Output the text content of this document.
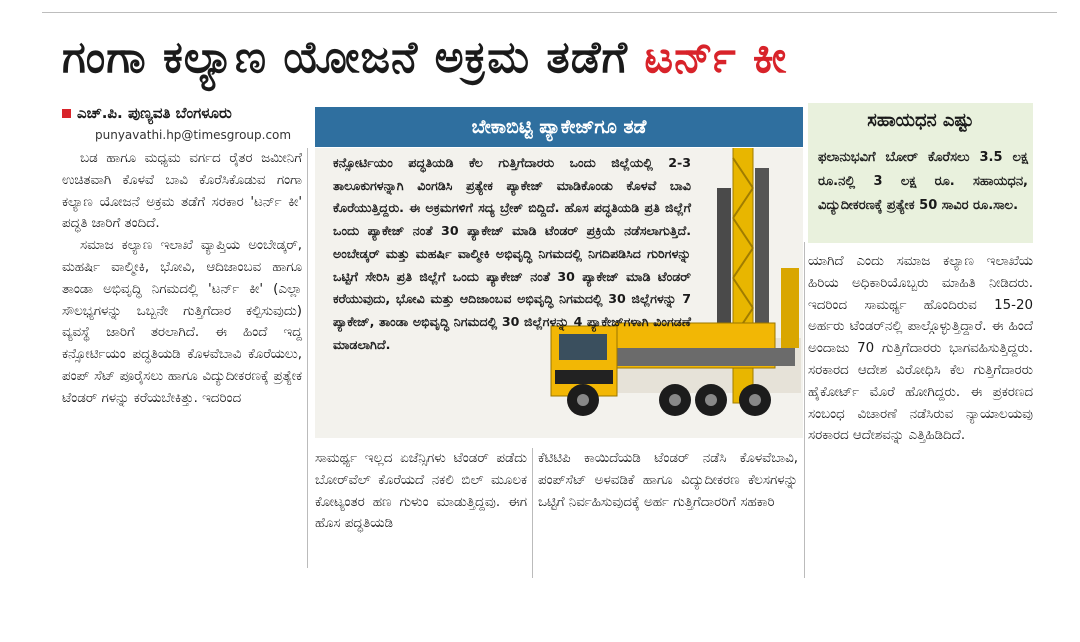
ಗಂಗಾ ಕಲ್ಯಾಣ ಯೋಜನೆ ಅಕ್ರಮ ತಡೆಗೆ ಟರ್ನ್ ಕೀ
ಎಚ್.ಪಿ. ಪುಣ್ಯವತಿ ಬೆಂಗಳೂರು
punyavathi.hp@timesgroup.com

ಬಡ ಹಾಗೂ ಮಧ್ಯಮ ವರ್ಗದ ರೈತರ ಜಮೀನಿಗೆ ಉಚಿತವಾಗಿ ಕೊಳವೆ ಬಾವಿ ಕೊರೆಸಿಕೊಡುವ ಗಂಗಾ ಕಲ್ಯಾಣ ಯೋಜನೆ ಅಕ್ರಮ ತಡೆಗೆ ಸರಕಾರ 'ಟರ್ನ್ ಕೀ' ಪದ್ಧತಿ ಜಾರಿಗೆ ತಂದಿದೆ.

ಸಮಾಜ ಕಲ್ಯಾಣ ಇಲಾಖೆ ವ್ಯಾಪ್ತಿಯ ಅಂಬೇಡ್ಕರ್, ಮಹರ್ಷಿ ವಾಲ್ಮೀಕಿ, ಭೋವಿ, ಆದಿಜಾಂಬವ ಹಾಗೂ ತಾಂಡಾ ಅಭಿವೃದ್ಧಿ ನಿಗಮದಲ್ಲಿ 'ಟರ್ನ್ ಕೀ' (ಎಲ್ಲಾ ಸೌಲಭ್ಯಗಳನ್ನು ಒಬ್ಬನೇ ಗುತ್ತಿಗೆದಾರ ಕಲ್ಪಿಸುವುದು) ವ್ಯವಸ್ಥೆ ಜಾರಿಗೆ ತರಲಾಗಿದೆ. ಈ ಹಿಂದೆ ಇದ್ದ ಕನ್ಸೋರ್ಟಿಯಂ ಪದ್ಧತಿಯಡಿ ಕೊಳವೆಬಾವಿ ಕೊರೆಯಲು, ಪಂಪ್ ಸೆಟ್ ಪೂರೈಸಲು ಹಾಗೂ ವಿದ್ಯುದೀಕರಣಕ್ಕೆ ಪ್ರತ್ಯೇಕ ಟೆಂಡರ್ ಗಳನ್ನು ಕರೆಯಬೇಕಿತ್ತು. ಇದರಿಂದ

ಬೇಕಾಬಿಟ್ಟಿ ಪ್ಯಾಕೇಜ್‌ಗೂ ತಡೆ
ಕನ್ಸೋರ್ಟಿಯಂ ಪದ್ಧತಿಯಡಿ ಕೆಲ ಗುತ್ತಿಗೆದಾರರು ಒಂದು ಜಿಲ್ಲೆಯಲ್ಲಿ 2-3 ತಾಲೂಕುಗಳನ್ನಾಗಿ ವಿಂಗಡಿಸಿ ಪ್ರತ್ಯೇಕ ಪ್ಯಾಕೇಜ್ ಮಾಡಿಕೊಂಡು ಕೊಳವೆ ಬಾವಿ ಕೊರೆಯುತ್ತಿದ್ದರು. ಈ ಅಕ್ರಮಗಳಿಗೆ ಸದ್ಯ ಬ್ರೇಕ್ ಬಿದ್ದಿದೆ. ಹೊಸ ಪದ್ಧತಿಯಡಿ ಪ್ರತಿ ಜಿಲ್ಲೆಗೆ ಒಂದು ಪ್ಯಾಕೇಜ್ ನಂತೆ 30 ಪ್ಯಾಕೇಜ್ ಮಾಡಿ ಟೆಂಡರ್ ಪ್ರಕ್ರಿಯೆ ನಡೆಸಲಾಗುತ್ತಿದೆ. ಅಂಬೇಡ್ಕರ್ ಮತ್ತು ಮಹರ್ಷಿ ವಾಲ್ಮೀಕಿ ಅಭಿವೃದ್ಧಿ ನಿಗಮದಲ್ಲಿ ನಿಗದಿಪಡಿಸಿದ ಗುರಿಗಳನ್ನು ಒಟ್ಟಿಗೆ ಸೇರಿಸಿ ಪ್ರತಿ ಜಿಲ್ಲೆಗೆ ಒಂದು ಪ್ಯಾಕೇಜ್ ನಂತೆ 30 ಪ್ಯಾಕೇಜ್ ಮಾಡಿ ಟೆಂಡರ್ ಕರೆಯುವುದು, ಭೋವಿ ಮತ್ತು ಆದಿಜಾಂಬವ ಅಭಿವೃದ್ಧಿ ನಿಗಮದಲ್ಲಿ 30 ಜಿಲ್ಲೆಗಳನ್ನು 7 ಪ್ಯಾಕೇಜ್, ತಾಂಡಾ ಅಭಿವೃದ್ಧಿ ನಿಗಮದಲ್ಲಿ 30 ಜಿಲ್ಲೆಗಳನ್ನು 4 ಪ್ಯಾಕೇಜ್‌ಗಳಾಗಿ ವಿಂಗಡಣೆ ಮಾಡಲಾಗಿದೆ.

ಸಾಮರ್ಥ್ಯ ಇಲ್ಲದ ಏಜೆನ್ಸಿಗಳು ಟೆಂಡರ್ ಪಡೆದು ಬೋರ್‌ವೆಲ್ ಕೊರೆಯದೆ ನಕಲಿ ಬಿಲ್ ಮೂಲಕ ಕೋಟ್ಯಂತರ ಹಣ ಗುಳುಂ ಮಾಡುತ್ತಿದ್ದವು. ಈಗ ಹೊಸ ಪದ್ಧತಿಯಡಿ

ಕೆಟಿಟಿಪಿ ಕಾಯಿದೆಯಡಿ ಟೆಂಡರ್ ನಡೆಸಿ ಕೊಳವೆಬಾವಿ, ಪಂಪ್‌ಸೆಟ್ ಅಳವಡಿಕೆ ಹಾಗೂ ವಿದ್ಯುದೀಕರಣ ಕೆಲಸಗಳನ್ನು ಒಟ್ಟಿಗೆ ನಿರ್ವಹಿಸುವುದಕ್ಕೆ ಅರ್ಹ ಗುತ್ತಿಗೆದಾರರಿಗೆ ಸಹಕಾರಿ

ಸಹಾಯಧನ ಎಷ್ಟು
ಫಲಾನುಭವಿಗೆ ಬೋರ್ ಕೊರೆಸಲು 3.5 ಲಕ್ಷ ರೂ.ನಲ್ಲಿ 3 ಲಕ್ಷ ರೂ. ಸಹಾಯಧನ, ವಿದ್ಯುದೀಕರಣಕ್ಕೆ ಪ್ರತ್ಯೇಕ 50 ಸಾವಿರ ರೂ.ಸಾಲ.

ಯಾಗಿದೆ ಎಂದು ಸಮಾಜ ಕಲ್ಯಾಣ ಇಲಾಖೆಯ ಹಿರಿಯ ಅಧಿಕಾರಿಯೊಬ್ಬರು ಮಾಹಿತಿ ನೀಡಿದರು. ಇದರಿಂದ ಸಾಮರ್ಥ್ಯ ಹೊಂದಿರುವ 15-20 ಅರ್ಹರು ಟೆಂಡರ್‌ನಲ್ಲಿ ಪಾಲ್ಗೊಳ್ಳುತ್ತಿದ್ದಾರೆ. ಈ ಹಿಂದೆ ಅಂದಾಜು 70 ಗುತ್ತಿಗೆದಾರರು ಭಾಗವಹಿಸುತ್ತಿದ್ದರು. ಸರಕಾರದ ಆದೇಶ ವಿರೋಧಿಸಿ ಕೆಲ ಗುತ್ತಿಗೆದಾರರು ಹೈಕೋರ್ಟ್ ಮೊರೆ ಹೋಗಿದ್ದರು. ಈ ಪ್ರಕರಣದ ಸಂಬಂಧ ವಿಚಾರಣೆ ನಡೆಸಿರುವ ನ್ಯಾಯಾಲಯವು ಸರಕಾರದ ಆದೇಶವನ್ನು ಎತ್ತಿಹಿಡಿದಿದೆ.
